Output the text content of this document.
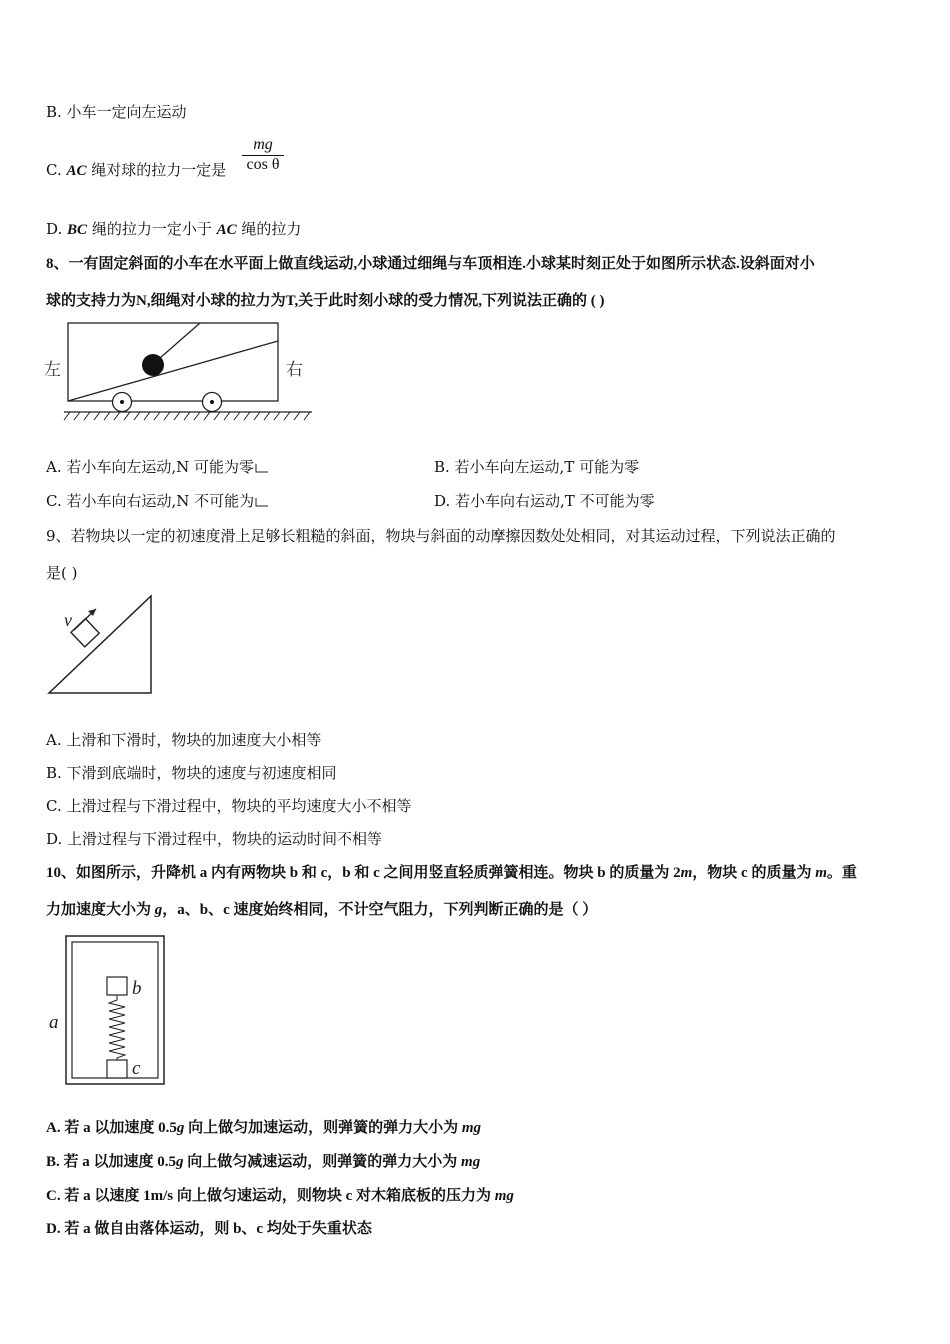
B. 小车一定向左运动
C. AC 绳对球的拉力一定是 $\frac{mg}{\text{cos θ}}$
D. BC 绳的拉力一定小于 AC 绳的拉力
8、一有固定斜面的小车在水平面上做直线运动,小球通过细绳与车顶相连.小球某时刻正处于如图所示状态.设斜面对小
球的支持力为N,细绳对小球的拉力为T,关于此时刻小球的受力情况,下列说法正确的 ( )
左	右
A. 若小车向左运动,N 可能为零	B. 若小车向左运动,T 可能为零
C. 若小车向右运动,N 不可能为	D. 若小车向右运动,T 不可能为零
9、若物块以一定的初速度滑上足够长粗糙的斜面，物块与斜面的动摩擦因数处处相同，对其运动过程，下列说法正确的
是( )
v
A. 上滑和下滑时，物块的加速度大小相等
B. 下滑到底端时，物块的速度与初速度相同
C. 上滑过程与下滑过程中，物块的平均速度大小不相等
D. 上滑过程与下滑过程中，物块的运动时间不相等
10、如图所示，升降机 a 内有两物块 b 和 c，b 和 c 之间用竖直轻质弹簧相连。物块 b 的质量为 2m，物块 c 的质量为 m。重
力加速度大小为 g，a、b、c 速度始终相同，不计空气阻力，下列判断正确的是（ ）
a
b
c
A. 若 a 以加速度 0.5g 向上做匀加速运动，则弹簧的弹力大小为 mg
B. 若 a 以加速度 0.5g 向上做匀减速运动，则弹簧的弹力大小为 mg
C. 若 a 以速度 1m/s 向上做匀速运动，则物块 c 对木箱底板的压力为 mg
D. 若 a 做自由落体运动，则 b、c 均处于失重状态
